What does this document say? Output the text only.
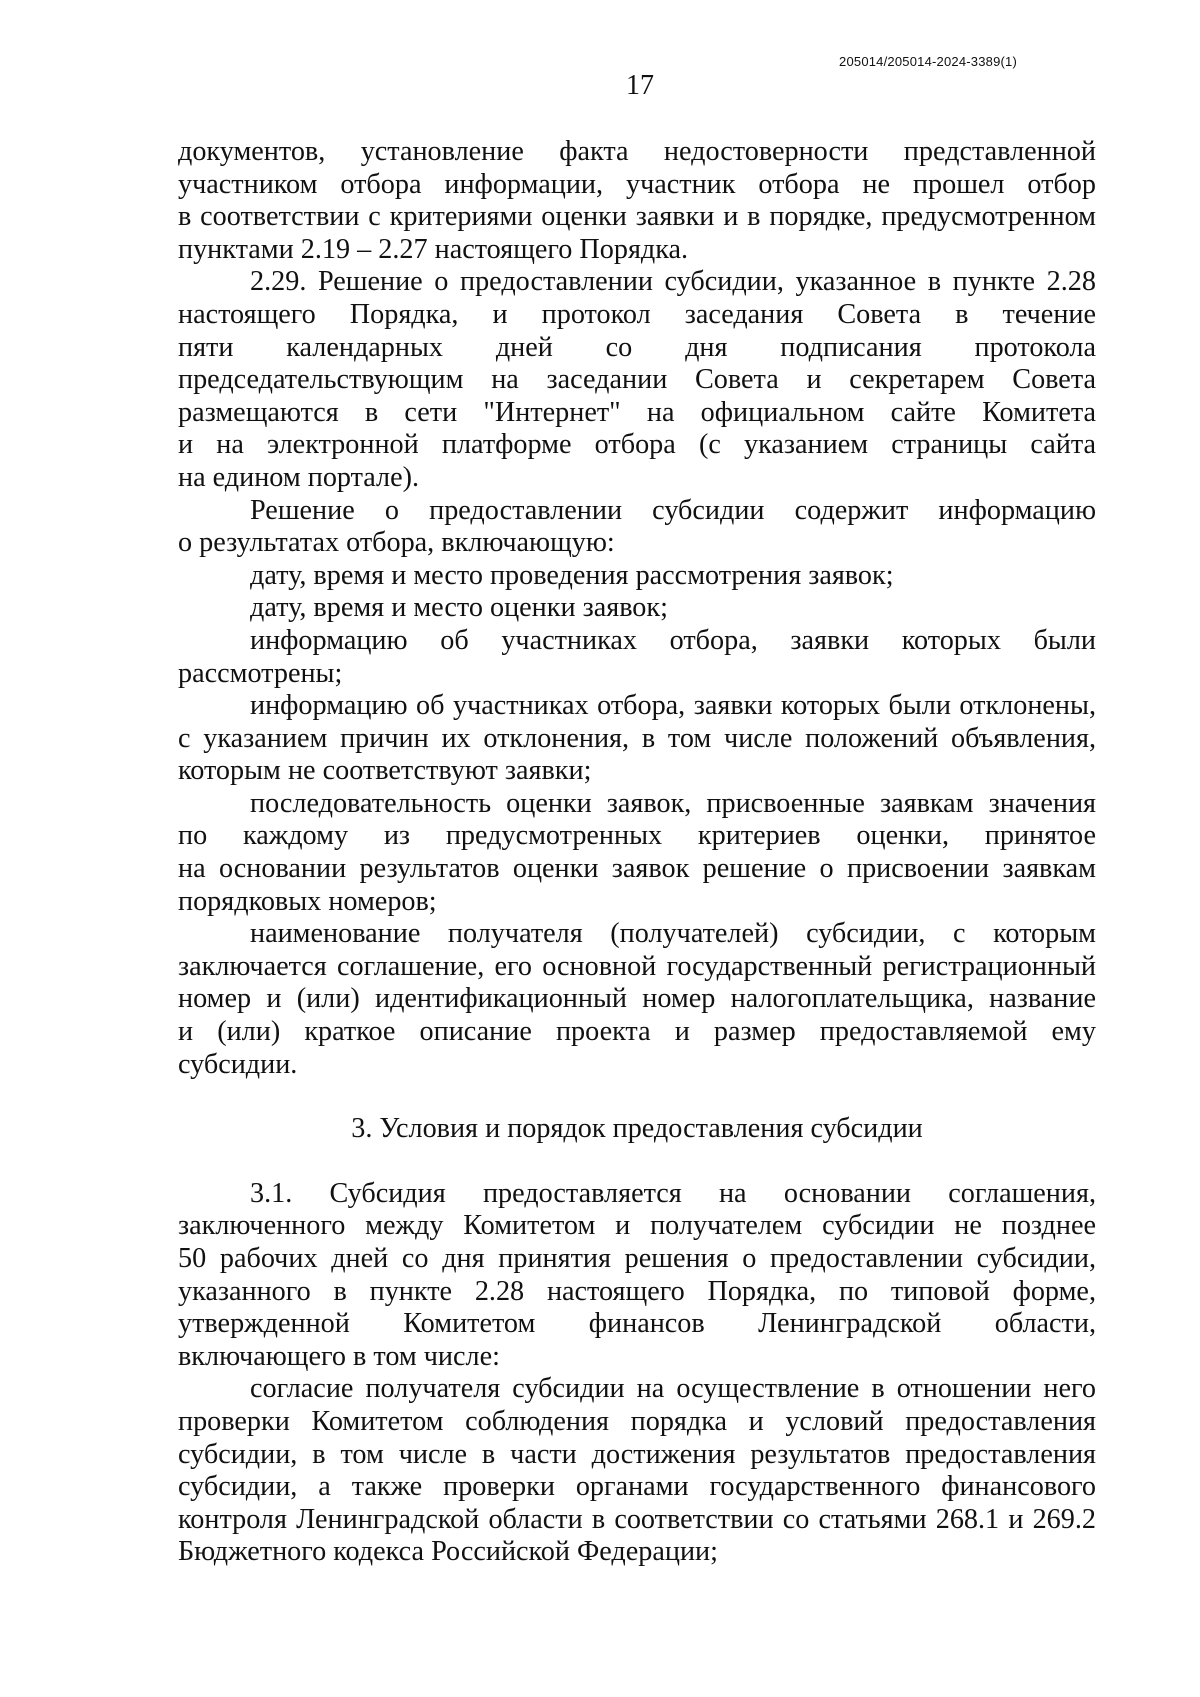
205014/205014-2024-3389(1)
17

документов, установление факта недостоверности представленной
участником отбора информации, участник отбора не прошел отбор
в соответствии с критериями оценки заявки и в порядке, предусмотренном
пунктами 2.19 – 2.27 настоящего Порядка.

2.29. Решение о предоставлении субсидии, указанное в пункте 2.28
настоящего Порядка, и протокол заседания Совета в течение
пяти календарных дней со дня подписания протокола
председательствующим на заседании Совета и секретарем Совета
размещаются в сети "Интернет" на официальном сайте Комитета
и на электронной платформе отбора (с указанием страницы сайта
на едином портале).

Решение о предоставлении субсидии содержит информацию
о результатах отбора, включающую:

дату, время и место проведения рассмотрения заявок;

дату, время и место оценки заявок;

информацию об участниках отбора, заявки которых были
рассмотрены;

информацию об участниках отбора, заявки которых были отклонены,
с указанием причин их отклонения, в том числе положений объявления,
которым не соответствуют заявки;

последовательность оценки заявок, присвоенные заявкам значения
по каждому из предусмотренных критериев оценки, принятое
на основании результатов оценки заявок решение о присвоении заявкам
порядковых номеров;

наименование получателя (получателей) субсидии, с которым
заключается соглашение, его основной государственный регистрационный
номер и (или) идентификационный номер налогоплательщика, название
и (или) краткое описание проекта и размер предоставляемой ему
субсидии.

3. Условия и порядок предоставления субсидии

3.1. Субсидия предоставляется на основании соглашения,
заключенного между Комитетом и получателем субсидии не позднее
50 рабочих дней со дня принятия решения о предоставлении субсидии,
указанного в пункте 2.28 настоящего Порядка, по типовой форме,
утвержденной Комитетом финансов Ленинградской области,
включающего в том числе:

согласие получателя субсидии на осуществление в отношении него
проверки Комитетом соблюдения порядка и условий предоставления
субсидии, в том числе в части достижения результатов предоставления
субсидии, а также проверки органами государственного финансового
контроля Ленинградской области в соответствии со статьями 268.1 и 269.2
Бюджетного кодекса Российской Федерации;
